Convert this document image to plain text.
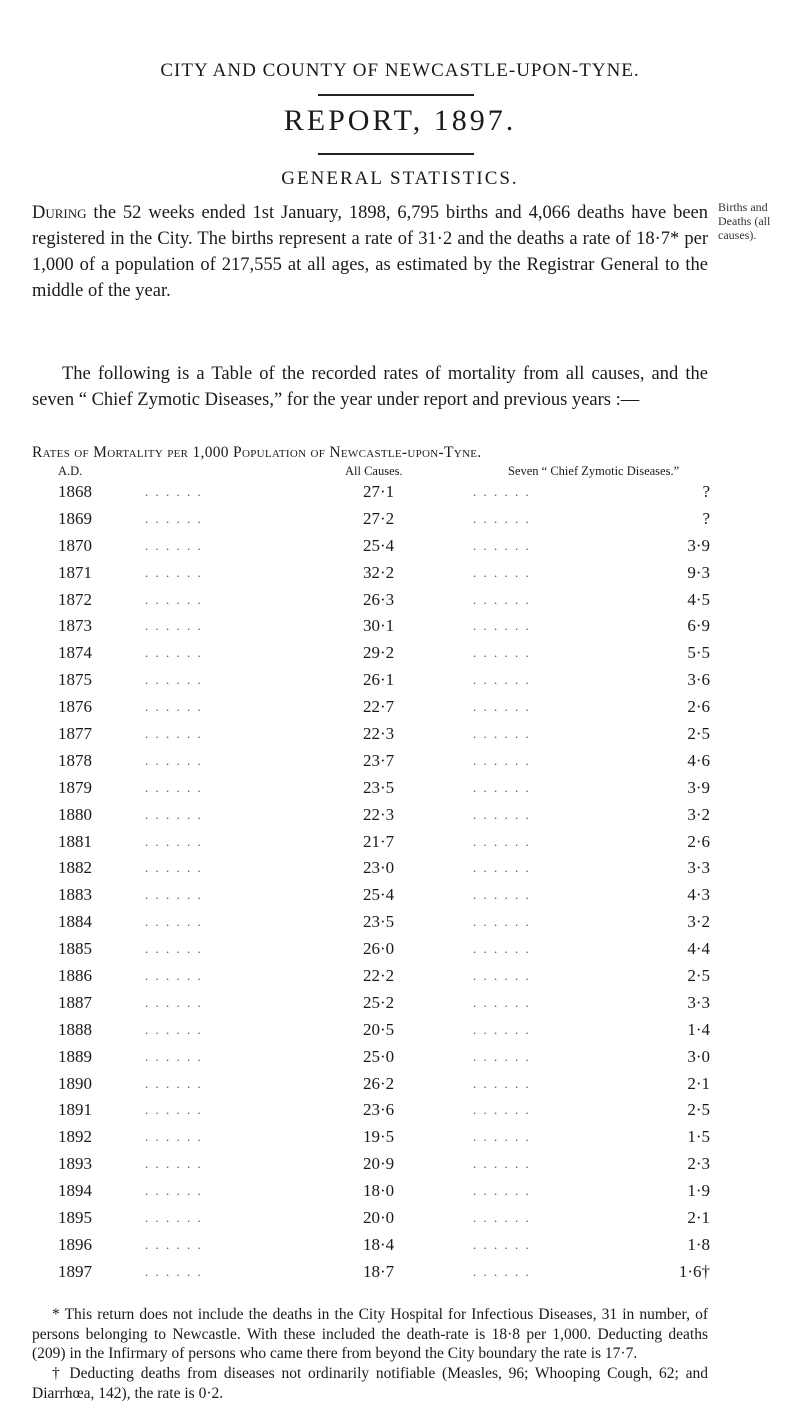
CITY AND COUNTY OF NEWCASTLE-UPON-TYNE.
REPORT, 1897.
GENERAL STATISTICS.
Births and Deaths (all causes).
During the 52 weeks ended 1st January, 1898, 6,795 births and 4,066 deaths have been registered in the City. The births represent a rate of 31·2 and the deaths a rate of 18·7* per 1,000 of a population of 217,555 at all ages, as estimated by the Registrar General to the middle of the year.
The following is a Table of the recorded rates of mortality from all causes, and the seven “ Chief Zymotic Diseases,” for the year under report and previous years :—
Rates of Mortality per 1,000 Population of Newcastle-upon-Tyne.
A.D.	All Causes.	Seven “ Chief Zymotic Diseases.”
1868	. . . . . .	27·1	. . . . . .	?
1869	. . . . . .	27·2	. . . . . .	?
1870	. . . . . .	25·4	. . . . . .	3·9
1871	. . . . . .	32·2	. . . . . .	9·3
1872	. . . . . .	26·3	. . . . . .	4·5
1873	. . . . . .	30·1	. . . . . .	6·9
1874	. . . . . .	29·2	. . . . . .	5·5
1875	. . . . . .	26·1	. . . . . .	3·6
1876	. . . . . .	22·7	. . . . . .	2·6
1877	. . . . . .	22·3	. . . . . .	2·5
1878	. . . . . .	23·7	. . . . . .	4·6
1879	. . . . . .	23·5	. . . . . .	3·9
1880	. . . . . .	22·3	. . . . . .	3·2
1881	. . . . . .	21·7	. . . . . .	2·6
1882	. . . . . .	23·0	. . . . . .	3·3
1883	. . . . . .	25·4	. . . . . .	4·3
1884	. . . . . .	23·5	. . . . . .	3·2
1885	. . . . . .	26·0	. . . . . .	4·4
1886	. . . . . .	22·2	. . . . . .	2·5
1887	. . . . . .	25·2	. . . . . .	3·3
1888	. . . . . .	20·5	. . . . . .	1·4
1889	. . . . . .	25·0	. . . . . .	3·0
1890	. . . . . .	26·2	. . . . . .	2·1
1891	. . . . . .	23·6	. . . . . .	2·5
1892	. . . . . .	19·5	. . . . . .	1·5
1893	. . . . . .	20·9	. . . . . .	2·3
1894	. . . . . .	18·0	. . . . . .	1·9
1895	. . . . . .	20·0	. . . . . .	2·1
1896	. . . . . .	18·4	. . . . . .	1·8
1897	. . . . . .	18·7	. . . . . .	1·6†
* This return does not include the deaths in the City Hospital for Infectious Diseases, 31 in number, of persons belonging to Newcastle. With these included the death-rate is 18·8 per 1,000. Deducting deaths (209) in the Infirmary of persons who came there from beyond the City boundary the rate is 17·7.
† Deducting deaths from diseases not ordinarily notifiable (Measles, 96; Whooping Cough, 62; and Diarrhœa, 142), the rate is 0·2.
